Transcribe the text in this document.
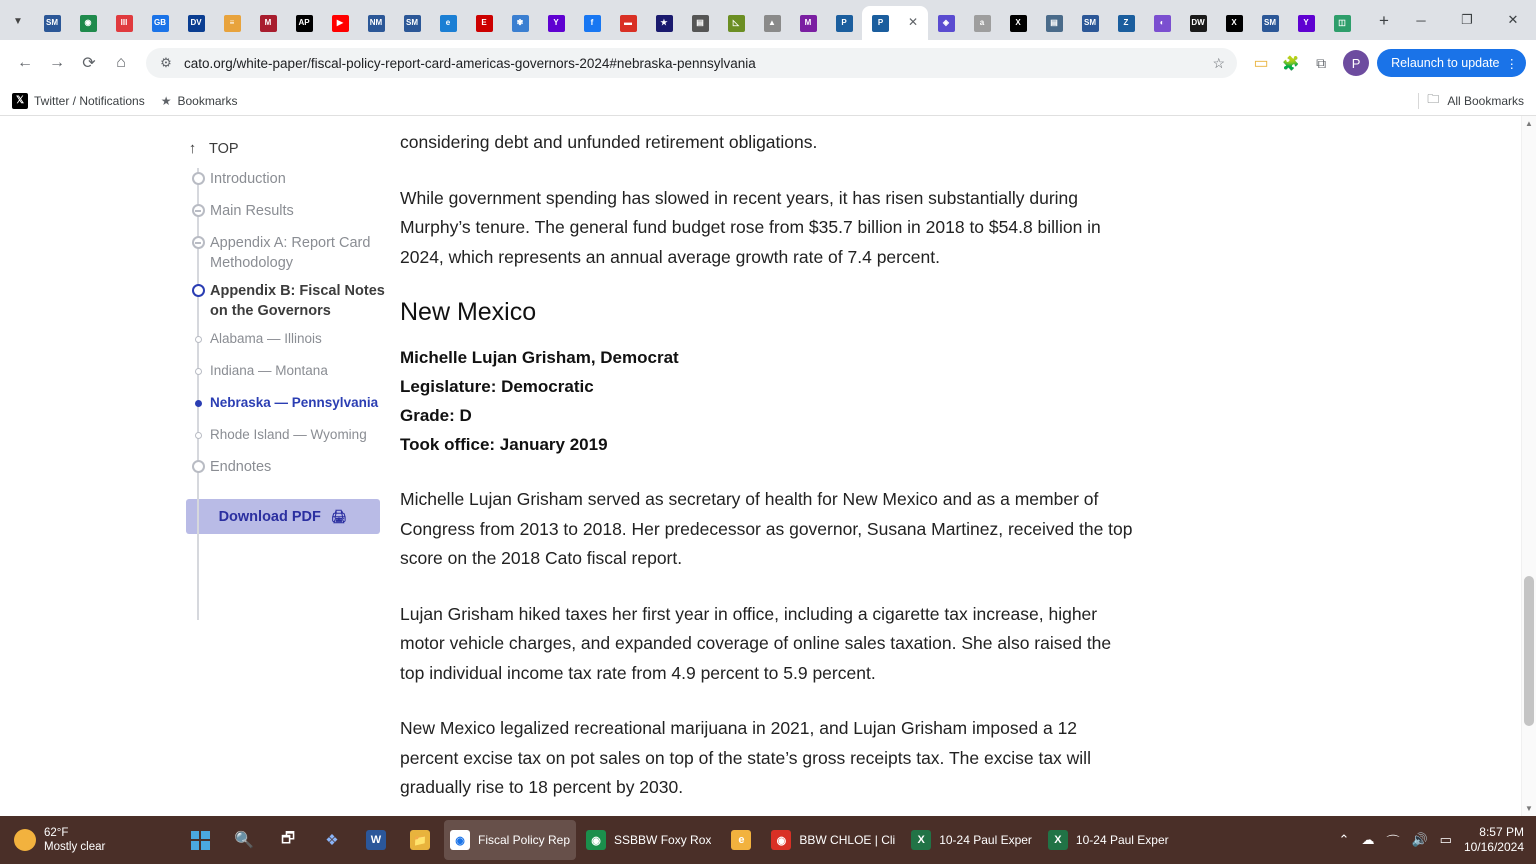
▼	SM	◉	III	GB	DV	≡	M	AP	▶	NM	SM	e	E	✾	Y	f	▬	★	▤	◺	▲	M	P	P	✕	◈	a	X	▤	SM	Z	◐	DW	X	SM	Y	◫	+	─	❐	✕
←	→	⟳	⌂	⚙ cato.org/white-paper/fiscal-policy-report-card-americas-governors-2024#nebraska-pennsylvania	☆	▭ 🧩	⧉	P	Relaunch to update ⋮
𝕏 Twitter / Notifications ★ Bookmarks	🗀 All Bookmarks
↑ TOP
Introduction
Main Results
Appendix A: Report Card Methodology
Appendix B: Fiscal Notes on the Governors
Alabama — Illinois
Indiana — Montana
Nebraska — Pennsylvania
Rhode Island — Wyoming
Endnotes
Download PDF 🖨

considering debt and unfunded retirement obligations.

While government spending has slowed in recent years, it has risen substantially during Murphy’s tenure. The general fund budget rose from $35.7 billion in 2018 to $54.8 billion in 2024, which represents an annual average growth rate of 7.4 percent.

New Mexico
Michelle Lujan Grisham, Democrat
Legislature: Democratic
Grade: D
Took office: January 2019

Michelle Lujan Grisham served as secretary of health for New Mexico and as a member of Congress from 2013 to 2018. Her predecessor as governor, Susana Martinez, received the top score on the 2018 Cato fiscal report.

Lujan Grisham hiked taxes her first year in office, including a cigarette tax increase, higher motor vehicle charges, and expanded coverage of online sales taxation. She also raised the top individual income tax rate from 4.9 percent to 5.9 percent.

New Mexico legalized recreational marijuana in 2021, and Lujan Grisham imposed a 12 percent excise tax on pot sales on top of the state’s gross receipts tax. The excise tax will gradually rise to 18 percent by 2030.

▲
▼
62°F
Mostly clear	🔍 🗗 ❖	W	📁	◉	Fiscal Policy Rep	◉	SSBBW Foxy Rox	e	◉	BBW CHLOE | Cli	X	10-24 Paul Exper	X	10-24 Paul Exper	⌃ ☁ ⌒ 🔊 ▭	8:57 PM
10/16/2024
